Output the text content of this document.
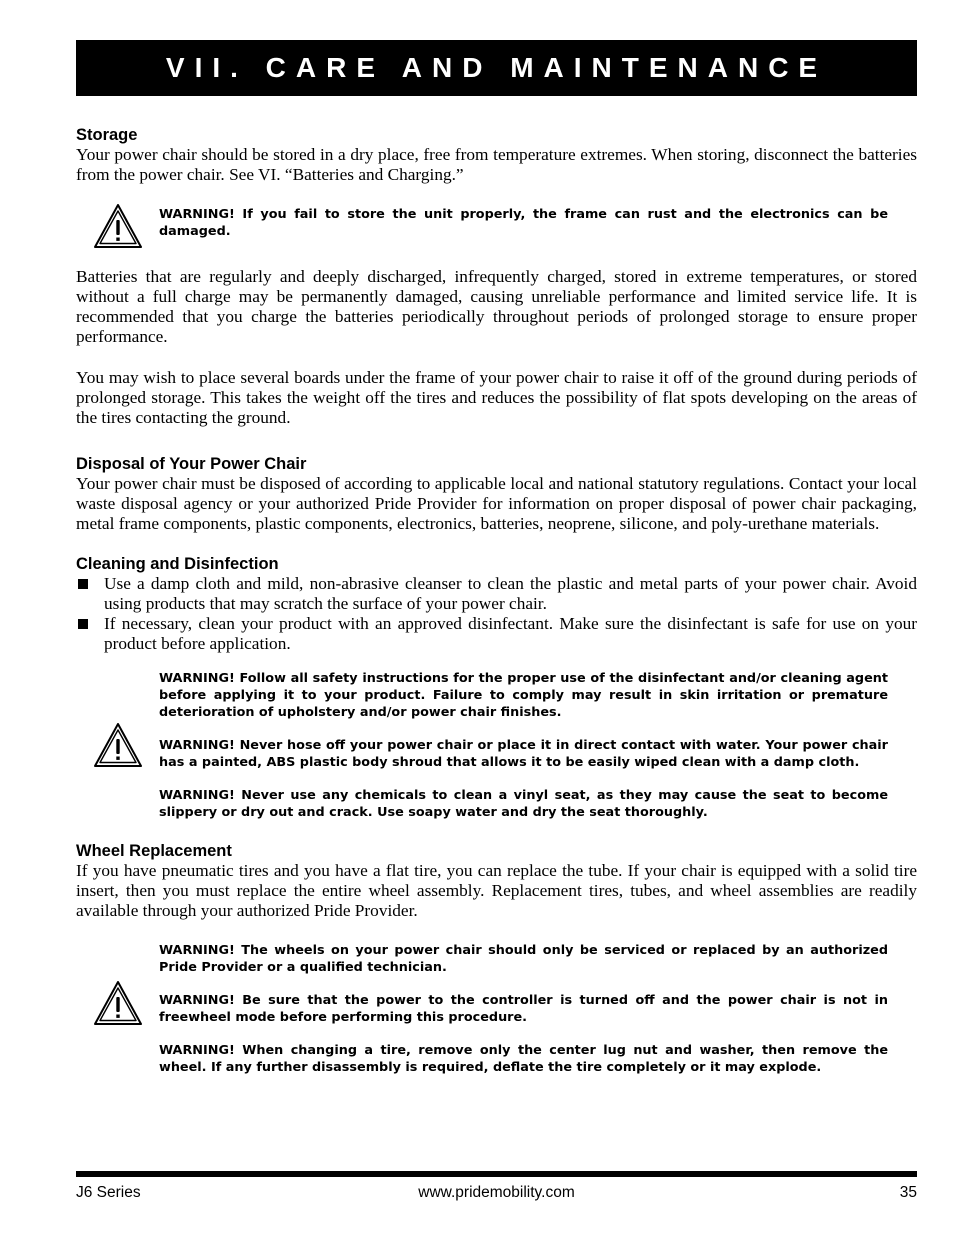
VII. CARE AND MAINTENANCE
Storage

Your power chair should be stored in a dry place, free from temperature extremes. When storing, disconnect the batteries from the power chair. See VI. “Batteries and Charging.”

WARNING! If you fail to store the unit properly, the frame can rust and the electronics can be damaged.

Batteries that are regularly and deeply discharged, infrequently charged, stored in extreme temperatures, or stored without a full charge may be permanently damaged, causing unreliable performance and limited service life. It is recommended that you charge the batteries periodically throughout periods of prolonged storage to ensure proper performance.

You may wish to place several boards under the frame of your power chair to raise it off of the ground during periods of prolonged storage. This takes the weight off the tires and reduces the possibility of flat spots developing on the areas of the tires contacting the ground.

Disposal of Your Power Chair

Your power chair must be disposed of according to applicable local and national statutory regulations. Contact your local waste disposal agency or your authorized Pride Provider for information on proper disposal of power chair packaging, metal frame components, plastic components, electronics, batteries, neoprene, silicone, and poly-urethane materials.

Cleaning and Disinfection
Use a damp cloth and mild, non-abrasive cleanser to clean the plastic and metal parts of your power chair. Avoid using products that may scratch the surface of your power chair.
If necessary, clean your product with an approved disinfectant. Make sure the disinfectant is safe for use on your product before application.

WARNING! Follow all safety instructions for the proper use of the disinfectant and/or cleaning agent before applying it to your product. Failure to comply may result in skin irritation or premature deterioration of upholstery and/or power chair finishes.

WARNING! Never hose off your power chair or place it in direct contact with water. Your power chair has a painted, ABS plastic body shroud that allows it to be easily wiped clean with a damp cloth.

WARNING! Never use any chemicals to clean a vinyl seat, as they may cause the seat to become slippery or dry out and crack. Use soapy water and dry the seat thoroughly.

Wheel Replacement

If you have pneumatic tires and you have a flat tire, you can replace the tube. If your chair is equipped with a solid tire insert, then you must replace the entire wheel assembly. Replacement tires, tubes, and wheel assemblies are readily available through your authorized Pride Provider.

WARNING! The wheels on your power chair should only be serviced or replaced by an authorized Pride Provider or a qualified technician.

WARNING! Be sure that the power to the controller is turned off and the power chair is not in freewheel mode before performing this procedure.

WARNING! When changing a tire, remove only the center lug nut and washer, then remove the wheel. If any further disassembly is required, deflate the tire completely or it may explode.

J6 Series	www.pridemobility.com	35
